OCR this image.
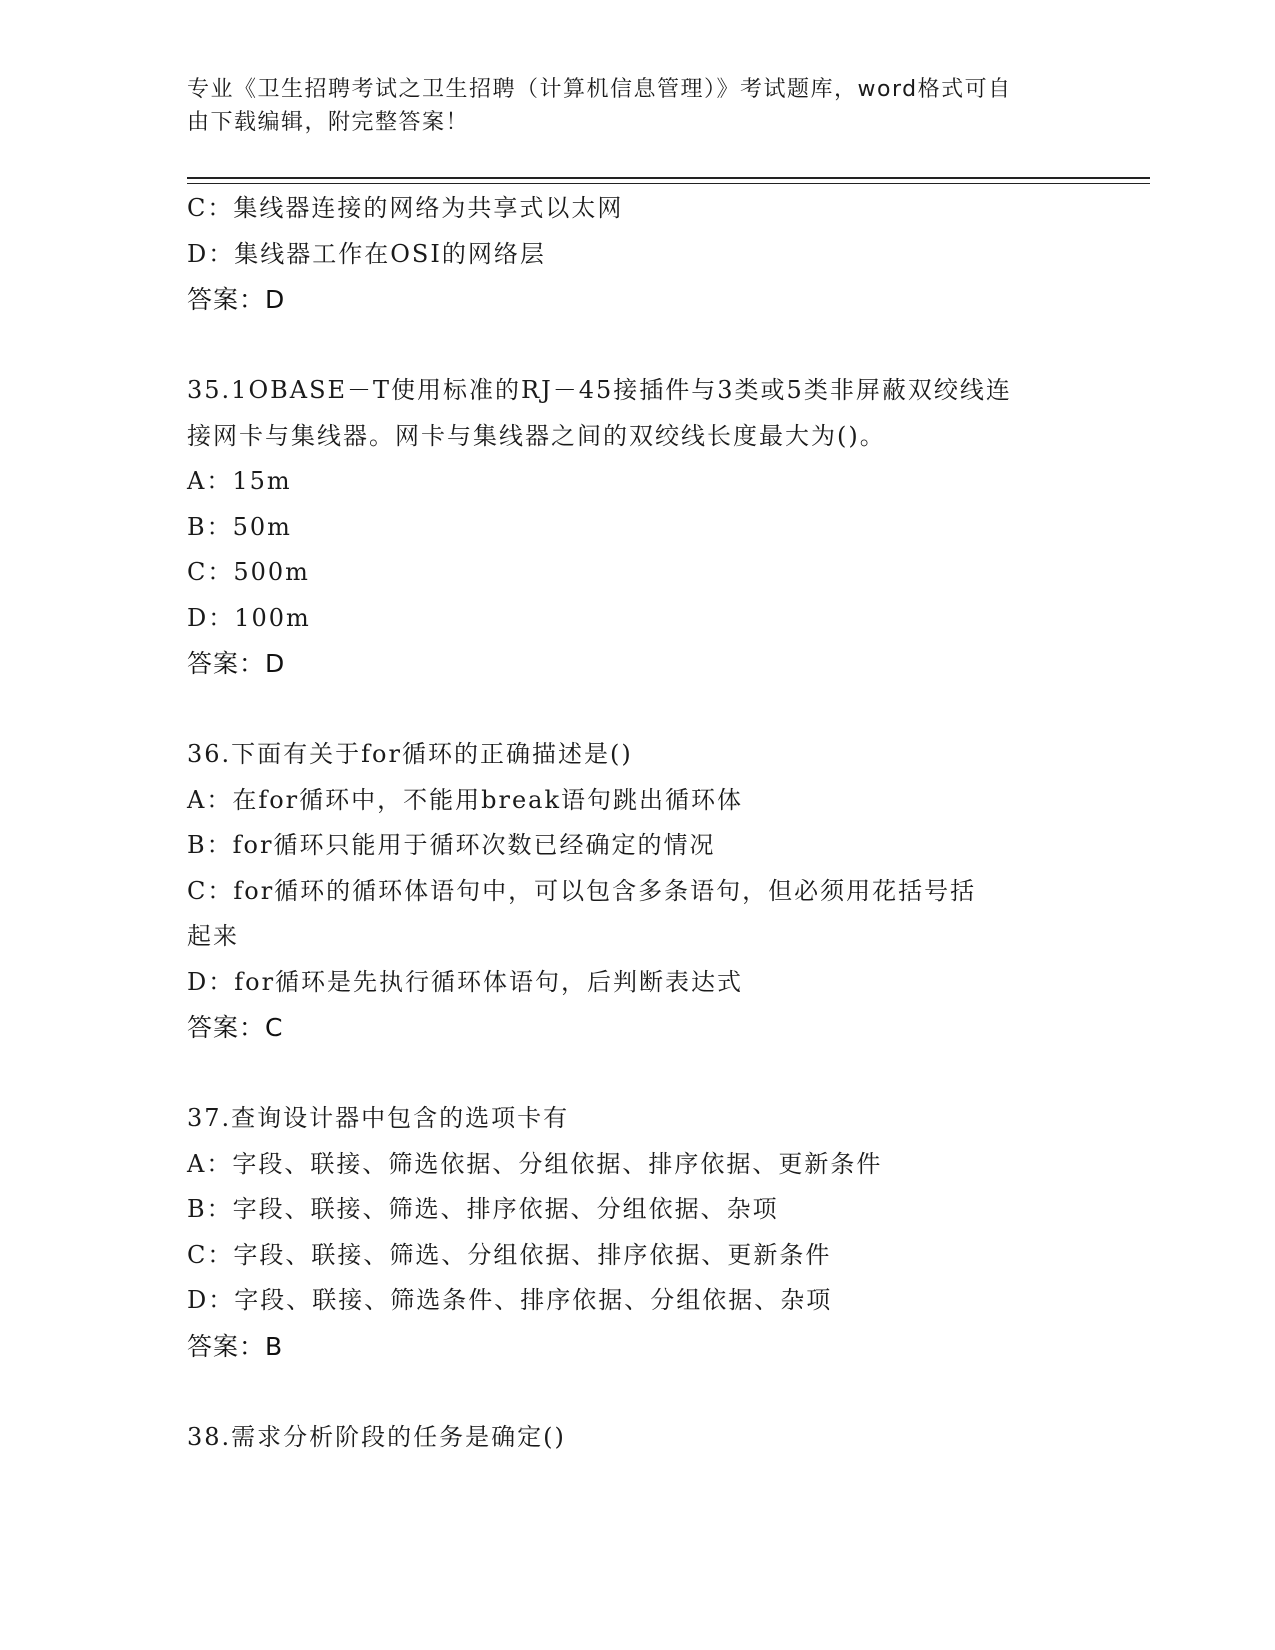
专业《卫生招聘考试之卫生招聘（计算机信息管理）》考试题库，word格式可自
由下载编辑，附完整答案！
C：集线器连接的网络为共享式以太网
D：集线器工作在OSI的网络层
答案：D
35.1OBASE－T使用标准的RJ－45接插件与3类或5类非屏蔽双绞线连
接网卡与集线器。网卡与集线器之间的双绞线长度最大为()。
A：15m
B：50m
C：500m
D：100m
答案：D
36.下面有关于for循环的正确描述是()
A：在for循环中，不能用break语句跳出循环体
B：for循环只能用于循环次数已经确定的情况
C：for循环的循环体语句中，可以包含多条语句，但必须用花括号括
起来
D：for循环是先执行循环体语句，后判断表达式
答案：C
37.查询设计器中包含的选项卡有
A：字段、联接、筛选依据、分组依据、排序依据、更新条件
B：字段、联接、筛选、排序依据、分组依据、杂项
C：字段、联接、筛选、分组依据、排序依据、更新条件
D：字段、联接、筛选条件、排序依据、分组依据、杂项
答案：B
38.需求分析阶段的任务是确定()
